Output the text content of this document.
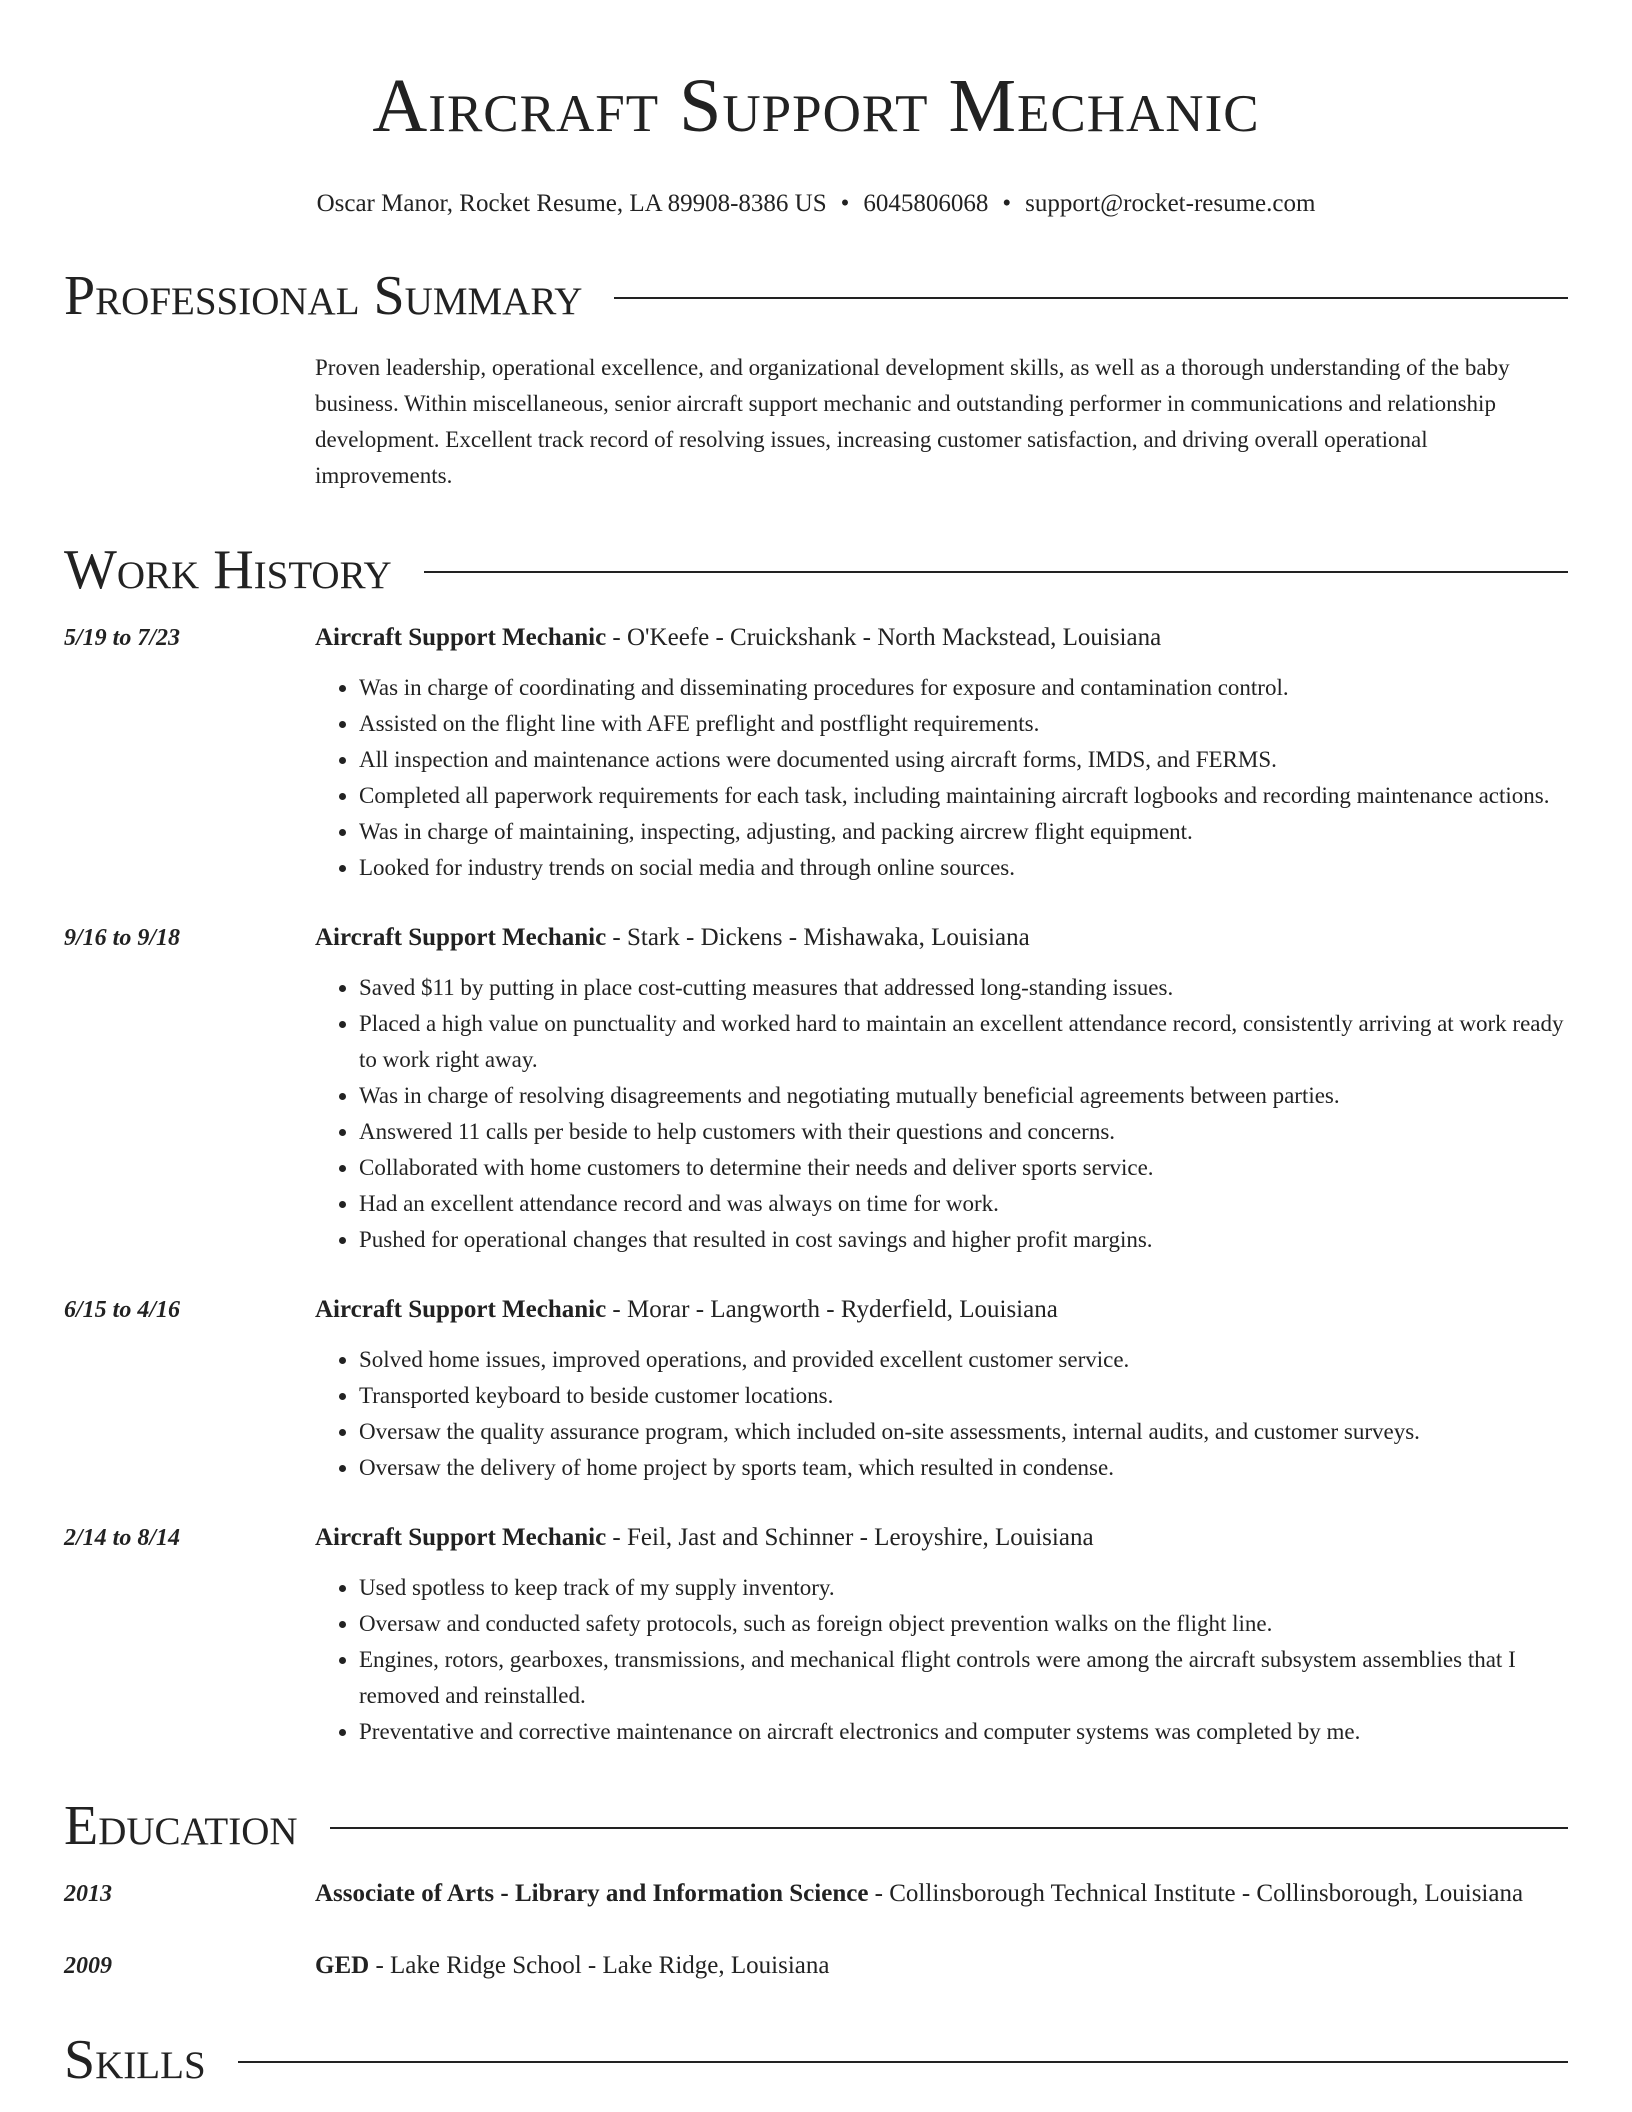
Aircraft Support Mechanic
Oscar Manor, Rocket Resume, LA 89908-8386 US • 6045806068 • support@rocket-resume.com
Professional Summary
Proven leadership, operational excellence, and organizational development skills, as well as a thorough understanding of the baby business. Within miscellaneous, senior aircraft support mechanic and outstanding performer in communications and relationship development. Excellent track record of resolving issues, increasing customer satisfaction, and driving overall operational improvements.
Work History
5/19 to 7/23	Aircraft Support Mechanic - O'Keefe - Cruickshank - North Mackstead, Louisiana
• Was in charge of coordinating and disseminating procedures for exposure and contamination control.
• Assisted on the flight line with AFE preflight and postflight requirements.
• All inspection and maintenance actions were documented using aircraft forms, IMDS, and FERMS.
• Completed all paperwork requirements for each task, including maintaining aircraft logbooks and recording maintenance actions.
• Was in charge of maintaining, inspecting, adjusting, and packing aircrew flight equipment.
• Looked for industry trends on social media and through online sources.
9/16 to 9/18	Aircraft Support Mechanic - Stark - Dickens - Mishawaka, Louisiana
• Saved $11 by putting in place cost-cutting measures that addressed long-standing issues.
• Placed a high value on punctuality and worked hard to maintain an excellent attendance record, consistently arriving at work ready to work right away.
• Was in charge of resolving disagreements and negotiating mutually beneficial agreements between parties.
• Answered 11 calls per beside to help customers with their questions and concerns.
• Collaborated with home customers to determine their needs and deliver sports service.
• Had an excellent attendance record and was always on time for work.
• Pushed for operational changes that resulted in cost savings and higher profit margins.
6/15 to 4/16	Aircraft Support Mechanic - Morar - Langworth - Ryderfield, Louisiana
• Solved home issues, improved operations, and provided excellent customer service.
• Transported keyboard to beside customer locations.
• Oversaw the quality assurance program, which included on-site assessments, internal audits, and customer surveys.
• Oversaw the delivery of home project by sports team, which resulted in condense.
2/14 to 8/14	Aircraft Support Mechanic - Feil, Jast and Schinner - Leroyshire, Louisiana
• Used spotless to keep track of my supply inventory.
• Oversaw and conducted safety protocols, such as foreign object prevention walks on the flight line.
• Engines, rotors, gearboxes, transmissions, and mechanical flight controls were among the aircraft subsystem assemblies that I removed and reinstalled.
• Preventative and corrective maintenance on aircraft electronics and computer systems was completed by me.
Education
2013	Associate of Arts - Library and Information Science - Collinsborough Technical Institute - Collinsborough, Louisiana
2009	GED - Lake Ridge School - Lake Ridge, Louisiana
Skills
